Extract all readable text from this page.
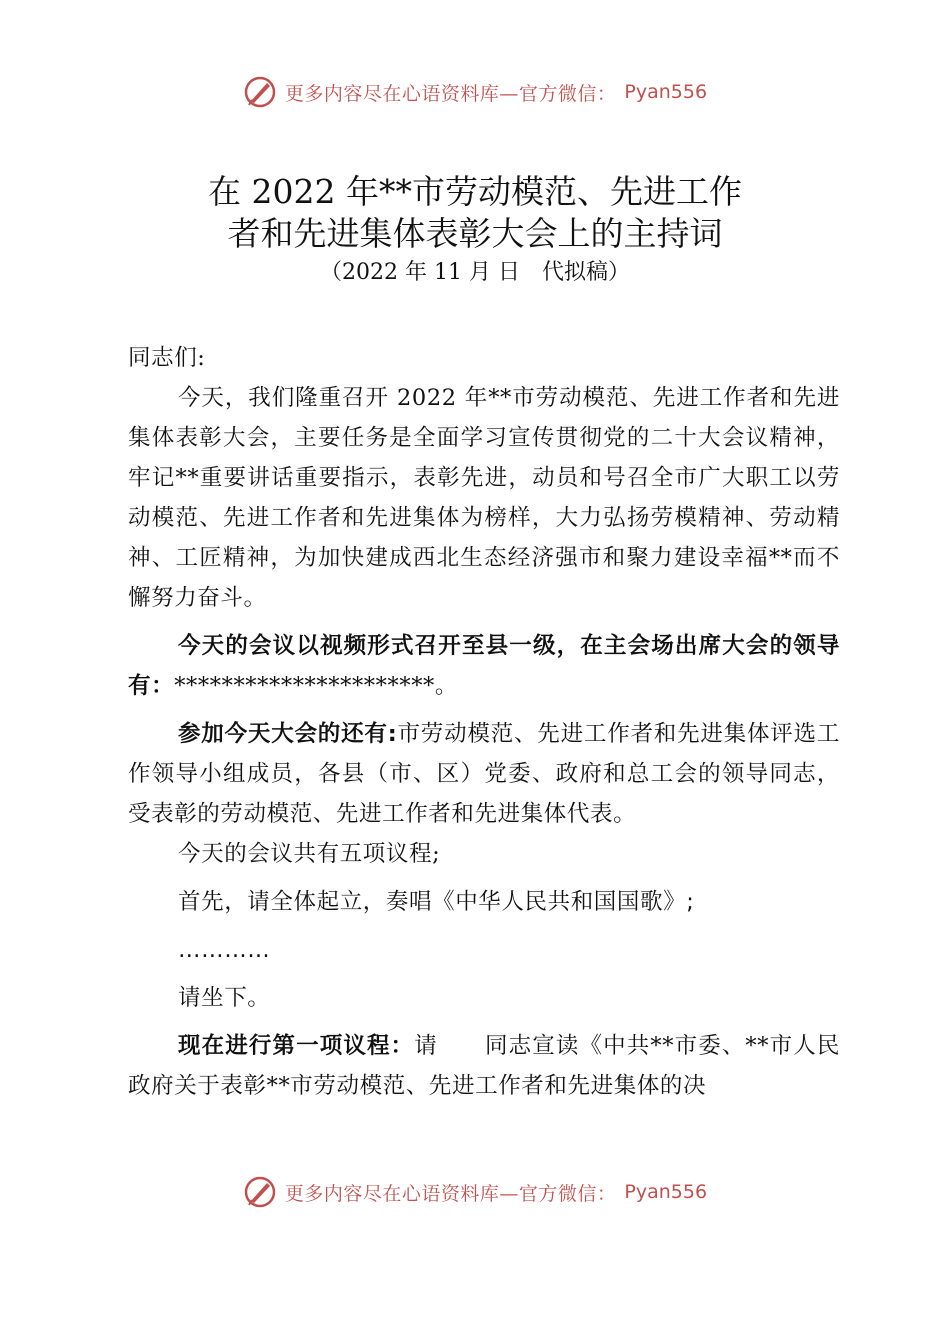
更多内容尽在心语资料库—官方微信： Pyan556
在 2022 年**市劳动模范、先进工作
者和先进集体表彰大会上的主持词
（2022 年 11 月 日　代拟稿）

同志们:

今天，我们隆重召开 2022 年**市劳动模范、先进工作者和先进集体表彰大会，主要任务是全面学习宣传贯彻党的二十大会议精神，牢记**重要讲话重要指示，表彰先进，动员和号召全市广大职工以劳动模范、先进工作者和先进集体为榜样，大力弘扬劳模精神、劳动精神、工匠精神，为加快建成西北生态经济强市和聚力建设幸福**而不懈努力奋斗。

今天的会议以视频形式召开至县一级，在主会场出席大会的领导有：**********************。

参加今天大会的还有:市劳动模范、先进工作者和先进集体评选工作领导小组成员，各县（市、区）党委、政府和总工会的领导同志，受表彰的劳动模范、先进工作者和先进集体代表。

今天的会议共有五项议程;

首先，请全体起立，奏唱《中华人民共和国国歌》;

…………

请坐下。

现在进行第一项议程：请　　同志宣读《中共**市委、**市人民政府关于表彰**市劳动模范、先进工作者和先进集体的决

更多内容尽在心语资料库—官方微信： Pyan556
